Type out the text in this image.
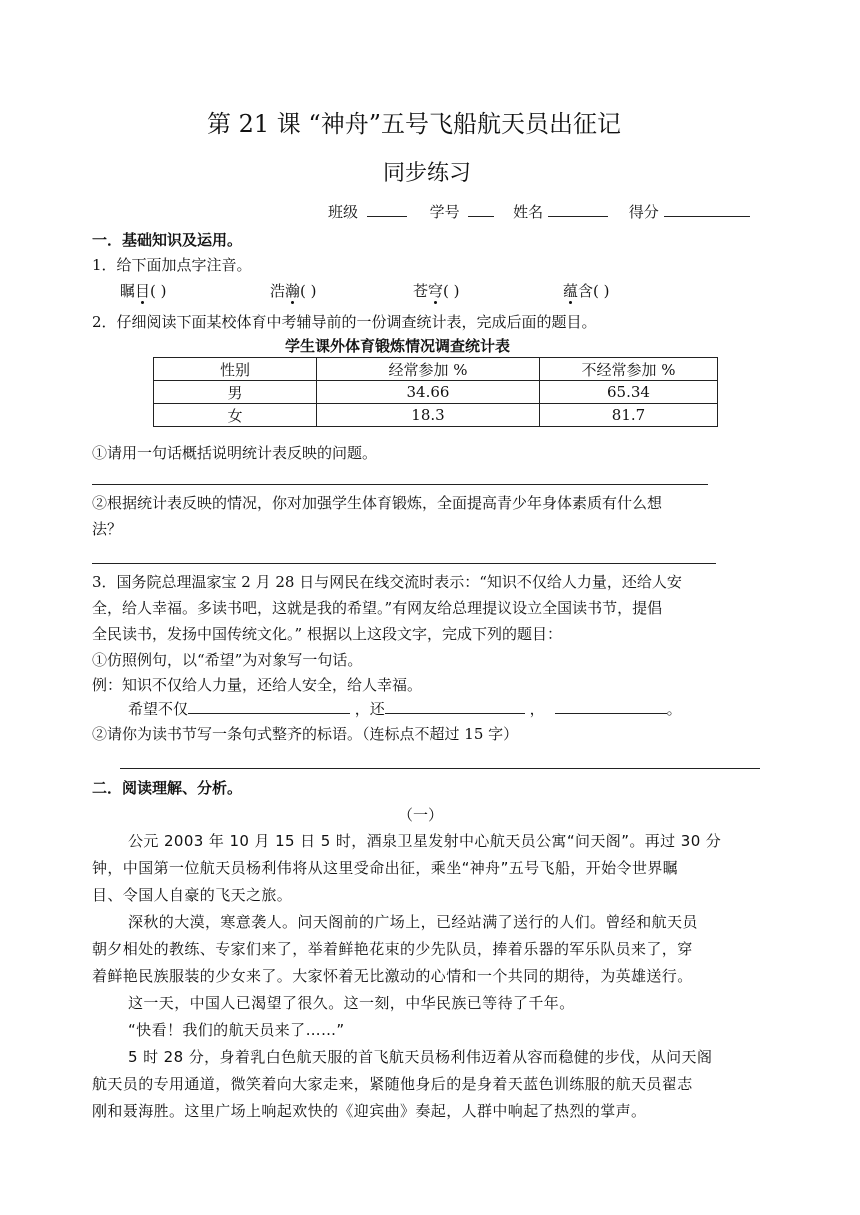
第 21 课 “神舟”五号飞船航天员出征记
同步练习
班级	学号	姓名	得分
一．基础知识及运用。
1．给下面加点字注音。
瞩目( )	浩瀚( )	苍穹( )	蕴含( )
2．仔细阅读下面某校体育中考辅导前的一份调查统计表，完成后面的题目。
学生课外体育锻炼情况调查统计表
性别	经常参加 %	不经常参加 %
男	34.66	65.34
女	18.3	81.7
①请用一句话概括说明统计表反映的问题。
②根据统计表反映的情况，你对加强学生体育锻炼，全面提高青少年身体素质有什么想
法？
3．国务院总理温家宝 2 月 28 日与网民在线交流时表示：“知识不仅给人力量，还给人安
全，给人幸福。多读书吧，这就是我的希望。”有网友给总理提议设立全国读书节，提倡
全民读书，发扬中国传统文化。” 根据以上这段文字，完成下列的题目：
①仿照例句，以“希望”为对象写一句话。
例：知识不仅给人力量，还给人安全，给人幸福。
希望不仅	，还	，	。
②请你为读书节写一条句式整齐的标语。（连标点不超过 15 字）
二．阅读理解、分析。
（一）
公元 2003 年 10 月 15 日 5 时，酒泉卫星发射中心航天员公寓“问天阁”。再过 30 分
钟，中国第一位航天员杨利伟将从这里受命出征，乘坐“神舟”五号飞船，开始令世界瞩
目、令国人自豪的飞天之旅。
深秋的大漠，寒意袭人。问天阁前的广场上，已经站满了送行的人们。曾经和航天员
朝夕相处的教练、专家们来了，举着鲜艳花束的少先队员，捧着乐器的军乐队员来了，穿
着鲜艳民族服装的少女来了。大家怀着无比激动的心情和一个共同的期待，为英雄送行。
这一天，中国人已渴望了很久。这一刻，中华民族已等待了千年。
“快看！我们的航天员来了……”
5 时 28 分，身着乳白色航天服的首飞航天员杨利伟迈着从容而稳健的步伐，从问天阁
航天员的专用通道，微笑着向大家走来，紧随他身后的是身着天蓝色训练服的航天员翟志
刚和聂海胜。这里广场上响起欢快的《迎宾曲》奏起，人群中响起了热烈的掌声。
